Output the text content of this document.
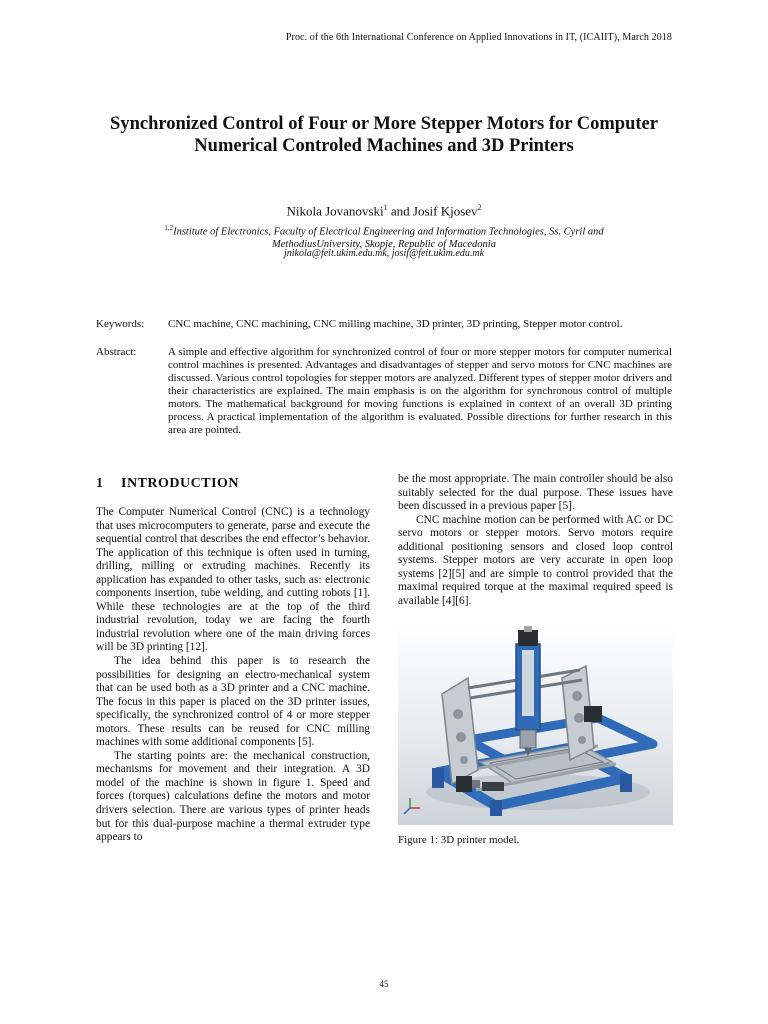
Proc. of the 6th International Conference on Applied Innovations in IT, (ICAIIT), March 2018
Synchronized Control of Four or More Stepper Motors for Computer
Numerical Controled Machines and 3D Printers
Nikola Jovanovski$^1$ and Josif Kjosev$^2$
$^{1,2}$Institute of Electronics, Faculty of Electrical Engineering and Information Technologies, Ss. Cyril and
MethodiusUniversity, Skopje, Republic of Macedonia
jnikola@feit.ukim.edu.mk, josif@feit.ukim.edu.mk
Keywords: CNC machine, CNC machining, CNC milling machine, 3D printer, 3D printing, Stepper motor control.
Abstract:	A simple and effective algorithm for synchronized control of four or more stepper motors for computer numerical control machines is presented. Advantages and disadvantages of stepper and servo motors for CNC machines are discussed. Various control topologies for stepper motors are analyzed. Different types of stepper motor drivers and their characteristics are explained. The main emphasis is on the algorithm for synchronous control of multiple motors. The mathematical background for moving functions is explained in context of an overall 3D printing process. A practical implementation of the algorithm is evaluated. Possible directions for further research in this area are pointed.
1 INTRODUCTION

The Computer Numerical Control (CNC) is a technology that uses microcomputers to generate, parse and execute the sequential control that describes the end effector’s behavior. The application of this technique is often used in turning, drilling, milling or extruding machines. Recently its application has expanded to other tasks, such as: electronic components insertion, tube welding, and cutting robots [1]. While these technologies are at the top of the third industrial revolution, today we are facing the fourth industrial revolution where one of the main driving forces will be 3D printing [12].

The idea behind this paper is to research the possibilities for designing an electro-mechanical system that can be used both as a 3D printer and a CNC machine. The focus in this paper is placed on the 3D printer issues, specifically, the synchronized control of 4 or more stepper motors. These results can be reused for CNC milling machines with some additional components [5].

The starting points are: the mechanical construction, mechanisms for movement and their integration. A 3D model of the machine is shown in figure 1. Speed and forces (torques) calculations define the motors and motor drivers selection. There are various types of printer heads but for this dual-purpose machine a thermal extruder type appears to

be the most appropriate. The main controller should be also suitably selected for the dual purpose. These issues have been discussed in a previous paper [5].

CNC machine motion can be performed with AC or DC servo motors or stepper motors. Servo motors require additional positioning sensors and closed loop control systems. Stepper motors are very accurate in open loop systems [2][5] and are simple to control provided that the maximal required torque at the maximal required speed is available [4][6].

Figure 1: 3D printer model.
45
